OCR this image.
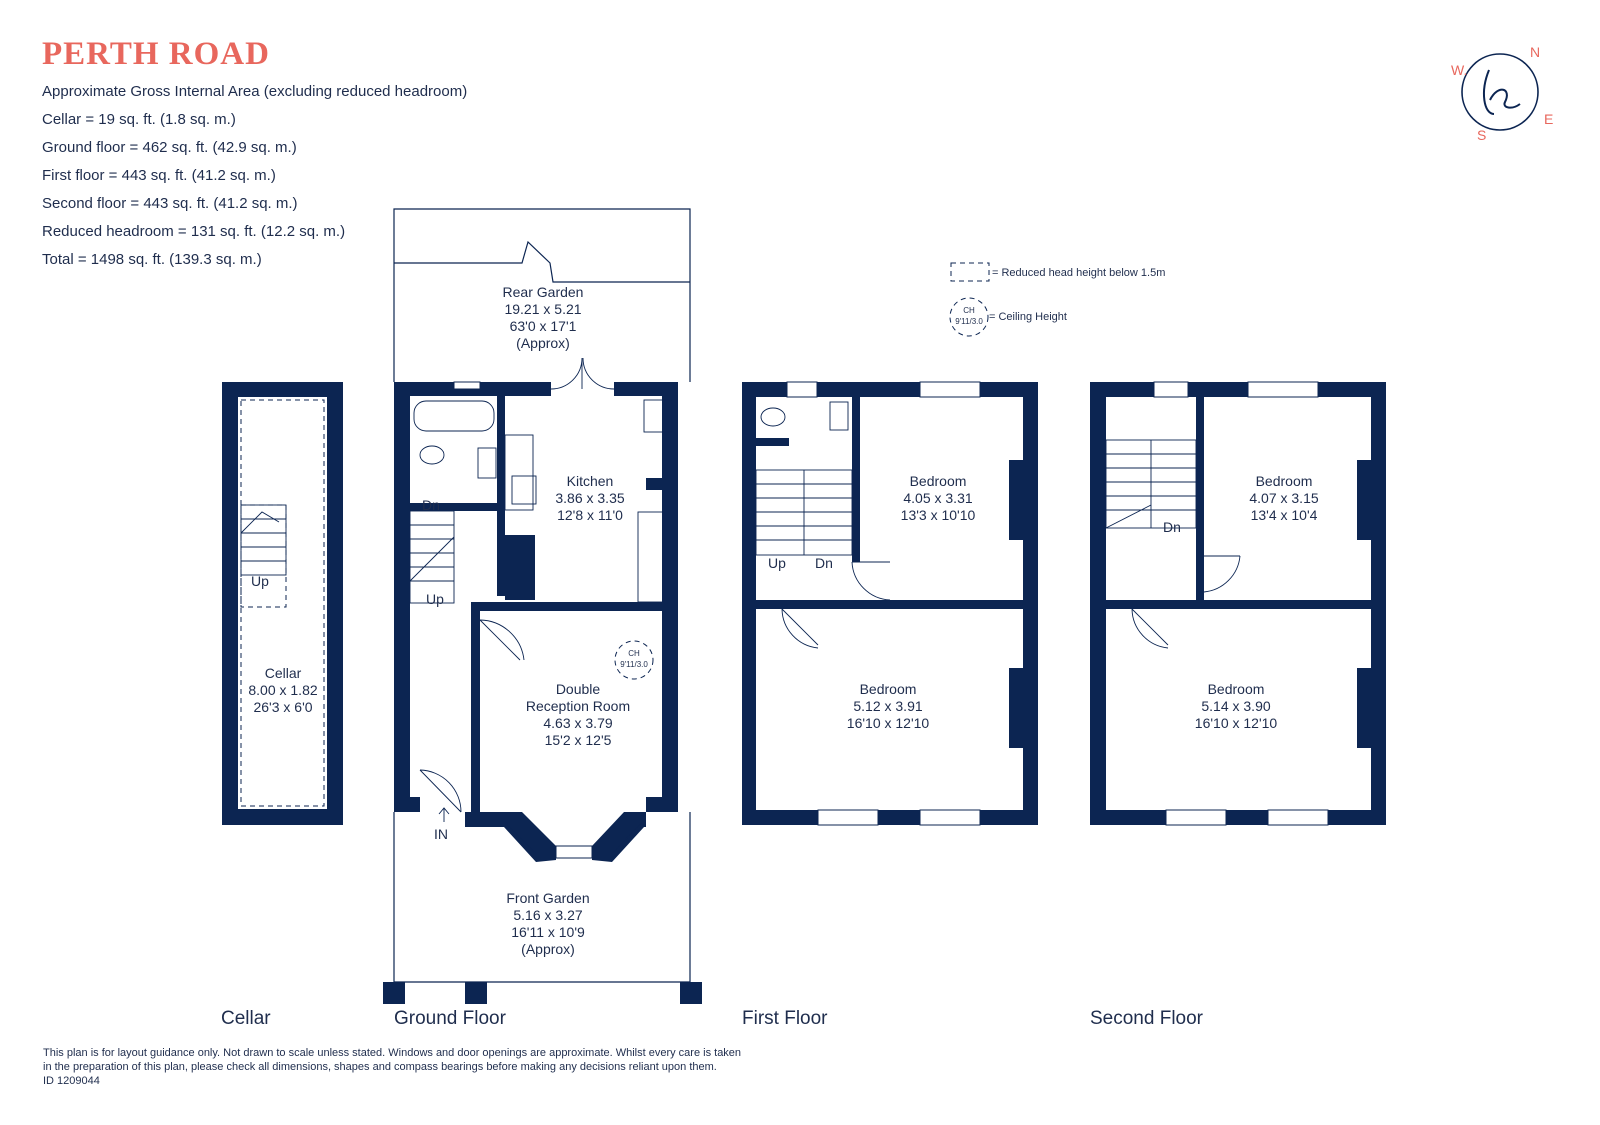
PERTH ROAD
Approximate Gross Internal Area (excluding reduced headroom)
Cellar = 19 sq. ft. (1.8 sq. m.)
Ground floor = 462 sq. ft. (42.9 sq. m.)
First floor = 443 sq. ft. (41.2 sq. m.)
Second floor = 443 sq. ft. (41.2 sq. m.)
Reduced headroom = 131 sq. ft. (12.2 sq. m.)
Total = 1498 sq. ft. (139.3 sq. m.)
N
E
S
W.
= Reduced head height below 1.5m
CH
9'11/3.0 = Ceiling Height
Up
Cellar
8.00 x 1.82
26'3 x 6'0
Rear Garden
19.21 x 5.21
63'0 x 17'1
(Approx)
Dn
Up
IN
Kitchen
3.86 x 3.35
12'8 x 11'0
CH
9'11/3.0
Double
Reception Room
4.63 x 3.79
15'2 x 12'5
Front Garden
5.16 x 3.27
16'11 x 10'9
(Approx)
Up Dn
Bedroom
4.05 x 3.31
13'3 x 10'10
Bedroom
5.12 x 3.91
16'10 x 12'10
Dn
Bedroom
4.07 x 3.15
13'4 x 10'4
Bedroom
5.14 x 3.90
16'10 x 12'10
Cellar	Ground Floor	First Floor	Second Floor
This plan is for layout guidance only. Not drawn to scale unless stated. Windows and door openings are approximate. Whilst every care is taken
in the preparation of this plan, please check all dimensions, shapes and compass bearings before making any decisions reliant upon them.
ID 1209044
